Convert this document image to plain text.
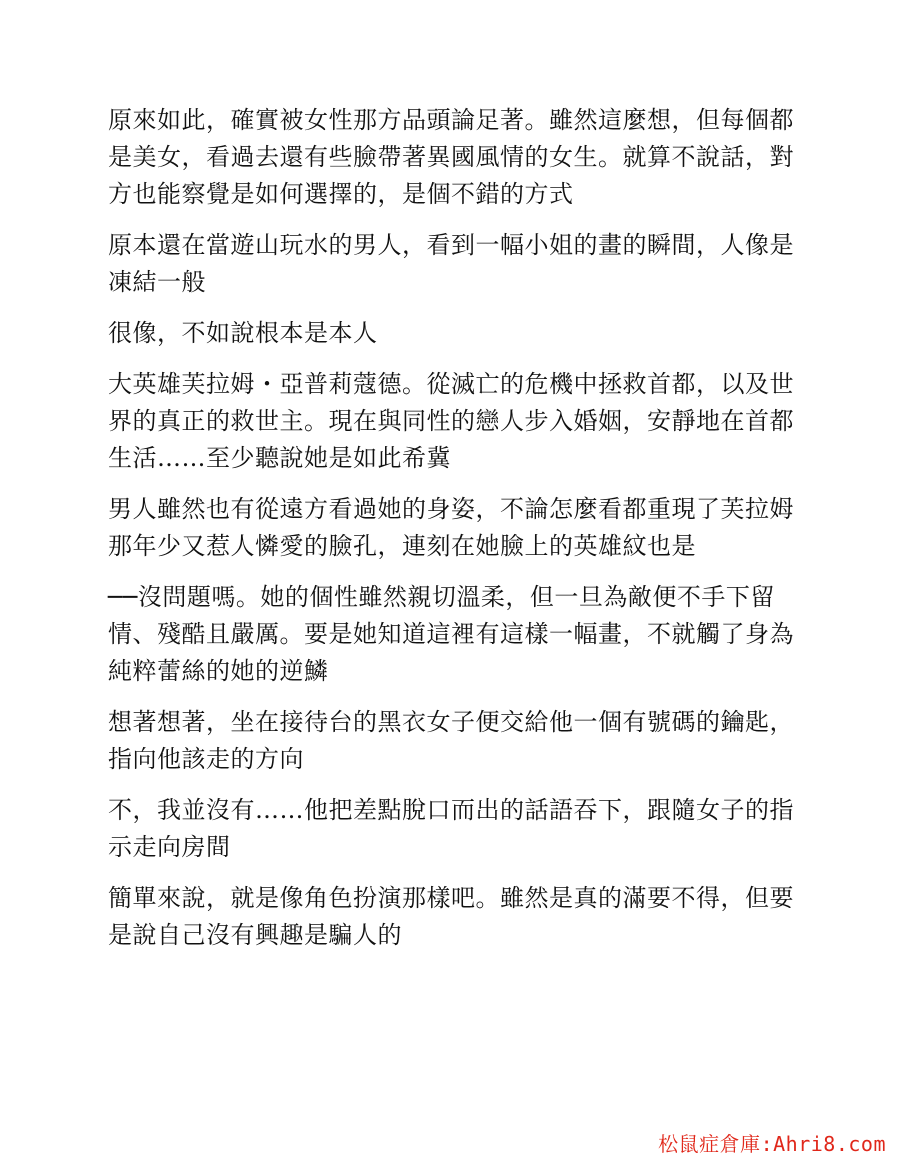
原來如此，確實被女性那方品頭論足著。雖然這麼想，但每個都是美女，看過去還有些臉帶著異國風情的女生。就算不說話，對方也能察覺是如何選擇的，是個不錯的方式

原本還在當遊山玩水的男人，看到一幅小姐的畫的瞬間，人像是凍結一般

很像，不如說根本是本人

大英雄芙拉姆・亞普莉蔻德。從滅亡的危機中拯救首都，以及世界的真正的救世主。現在與同性的戀人步入婚姻，安靜地在首都生活……至少聽說她是如此希冀

男人雖然也有從遠方看過她的身姿，不論怎麼看都重現了芙拉姆那年少又惹人憐愛的臉孔，連刻在她臉上的英雄紋也是

──沒問題嗎。她的個性雖然親切溫柔，但一旦為敵便不手下留情、殘酷且嚴厲。要是她知道這裡有這樣一幅畫，不就觸了身為純粹蕾絲的她的逆鱗

想著想著，坐在接待台的黑衣女子便交給他一個有號碼的鑰匙，指向他該走的方向

不，我並沒有……他把差點脫口而出的話語吞下，跟隨女子的指示走向房間

簡單來說，就是像角色扮演那樣吧。雖然是真的滿要不得，但要是說自己沒有興趣是騙人的

松鼠症倉庫:Ahri8.com
